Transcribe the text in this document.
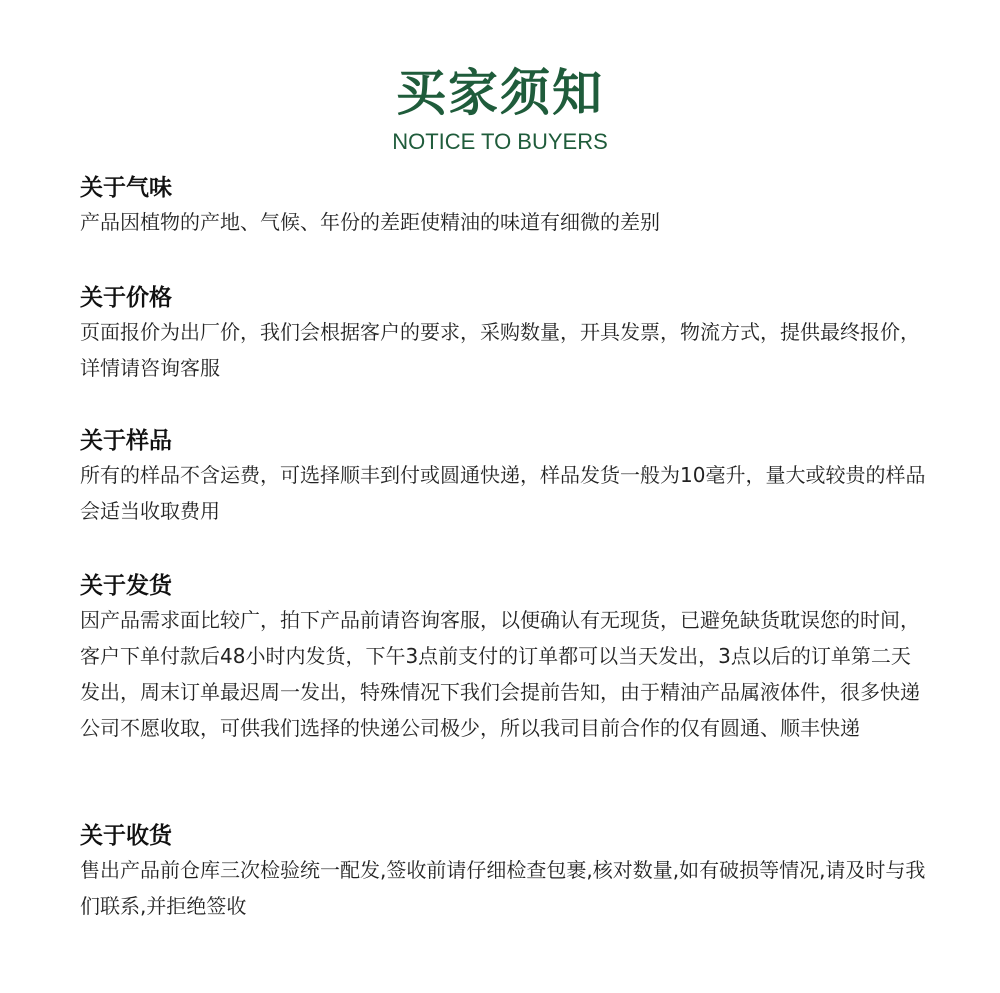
买家须知
NOTICE TO BUYERS
关于气味
产品因植物的产地、气候、年份的差距使精油的味道有细微的差别
关于价格
页面报价为出厂价，我们会根据客户的要求，采购数量，开具发票，物流方式，提供最终报价，详情请咨询客服
关于样品
所有的样品不含运费，可选择顺丰到付或圆通快递，样品发货一般为10毫升，量大或较贵的样品会适当收取费用
关于发货
因产品需求面比较广，拍下产品前请咨询客服，以便确认有无现货，已避免缺货耽误您的时间，客户下单付款后48小时内发货，下午3点前支付的订单都可以当天发出，3点以后的订单第二天发出，周末订单最迟周一发出，特殊情况下我们会提前告知，由于精油产品属液体件，很多快递公司不愿收取，可供我们选择的快递公司极少，所以我司目前合作的仅有圆通、顺丰快递
关于收货
售出产品前仓库三次检验统一配发,签收前请仔细检查包裹,核对数量,如有破损等情况,请及时与我们联系,并拒绝签收
